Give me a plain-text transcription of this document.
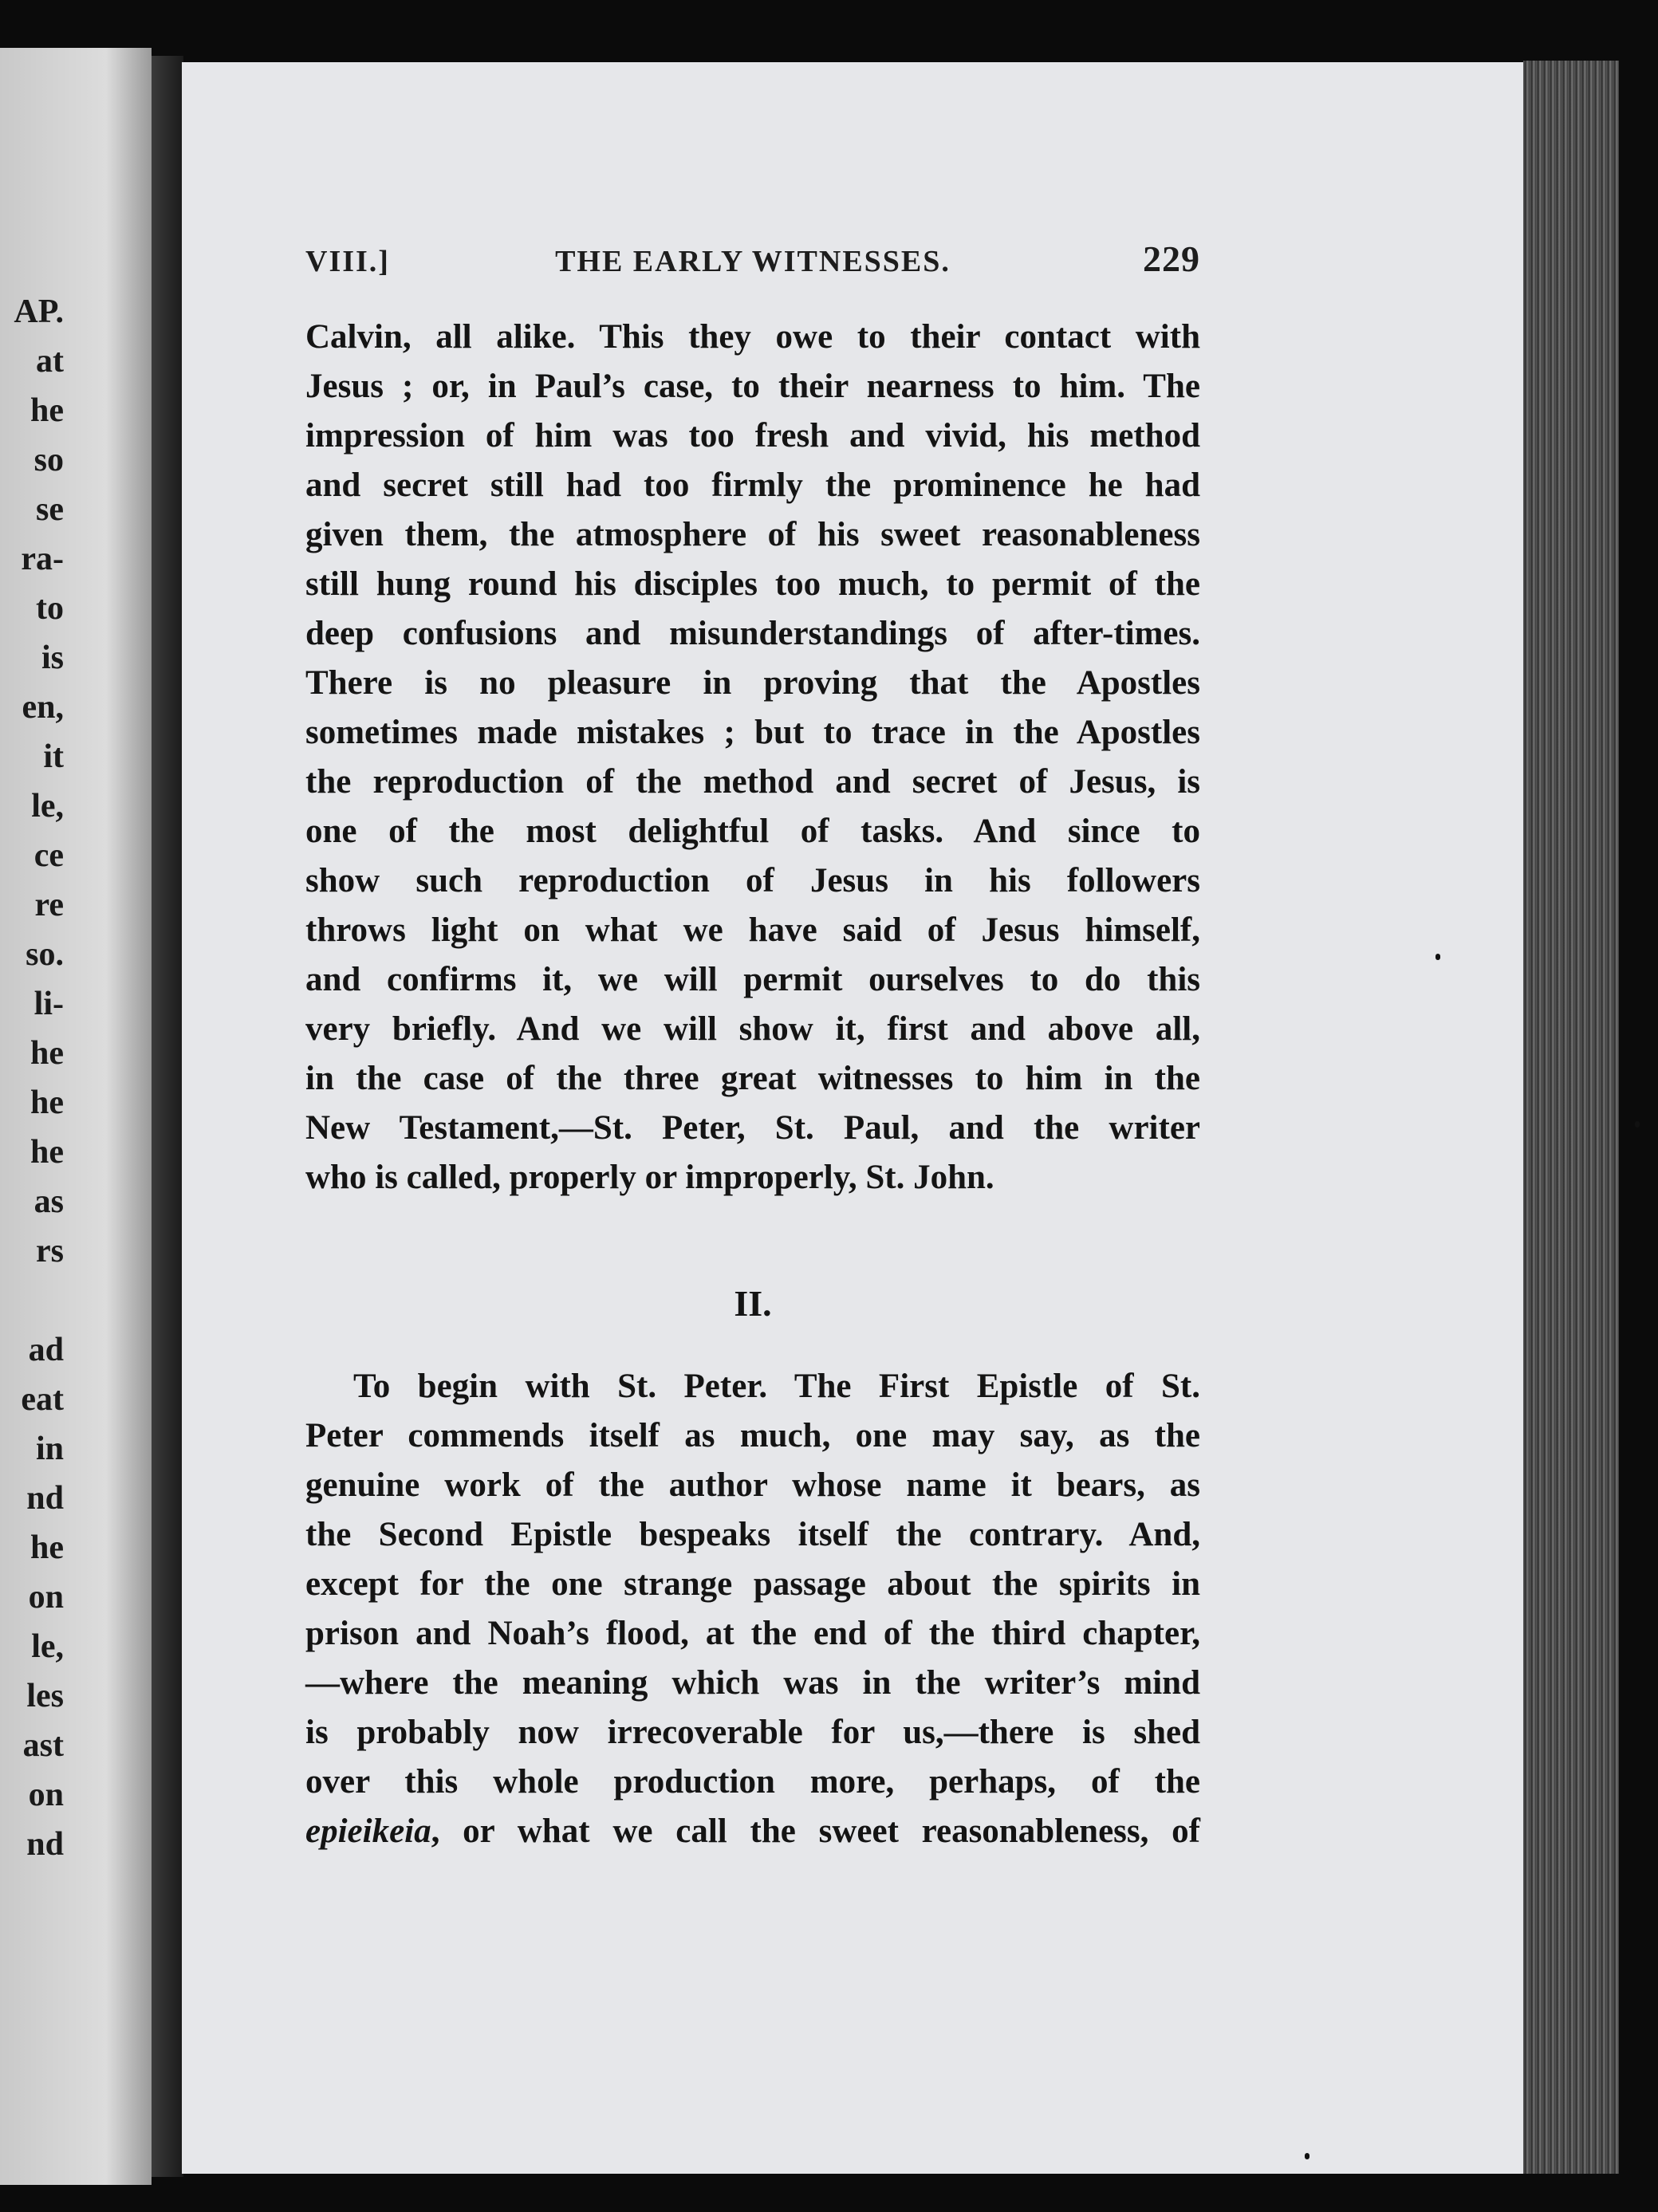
AP.
at
he
so
se
ra-
to
is
en,
it
le,
ce
re
so.
li-
he
he
he
as
rs
ad
eat
in
nd
he
on
le,
les
ast
on
nd
VIII.]	THE EARLY WITNESSES.	229
Calvin, all alike. This they owe to their contact with
Jesus ; or, in Paul’s case, to their nearness to him. The
impression of him was too fresh and vivid, his method
and secret still had too firmly the prominence he had
given them, the atmosphere of his sweet reasonableness
still hung round his disciples too much, to permit of the
deep confusions and misunderstandings of after-times.
There is no pleasure in proving that the Apostles
sometimes made mistakes ; but to trace in the Apostles
the reproduction of the method and secret of Jesus, is
one of the most delightful of tasks. And since to
show such reproduction of Jesus in his followers
throws light on what we have said of Jesus himself,
and confirms it, we will permit ourselves to do this
very briefly. And we will show it, first and above all,
in the case of the three great witnesses to him in the
New Testament,—St. Peter, St. Paul, and the writer
who is called, properly or improperly, St. John.
II.
To begin with St. Peter. The First Epistle of St.
Peter commends itself as much, one may say, as the
genuine work of the author whose name it bears, as
the Second Epistle bespeaks itself the contrary. And,
except for the one strange passage about the spirits in
prison and Noah’s flood, at the end of the third chapter,
—where the meaning which was in the writer’s mind
is probably now irrecoverable for us,—there is shed
over this whole production more, perhaps, of the
epieikeia, or what we call the sweet reasonableness, of
